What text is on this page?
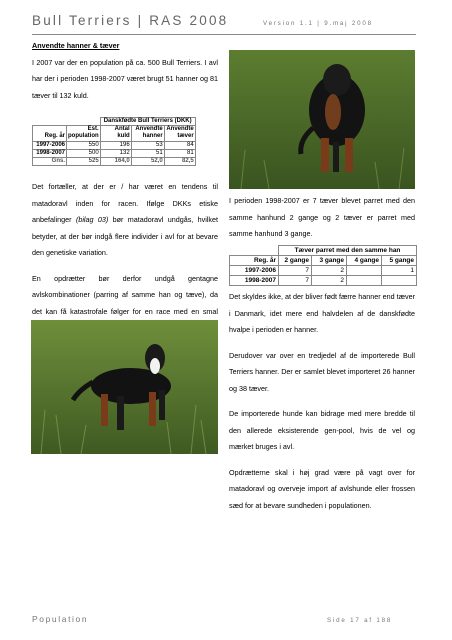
Bull Terriers | RAS 2008	Version 1.1 | 9.maj 2008
Anvendte hanner & tæver

I 2007 var der en population på ca. 500 Bull Terriers. I avl har der i perioden 1998-2007 været brugt 51 hanner og 81 tæver til 132 kuld.

		Danskfødte Bull Terriers (DKK)		
Reg. år	Est. population	Antal kuld	Anvendte hanner	Anvendte tæver
1997-2006	550	196	53	84
1998-2007	500	132	51	81
Gns.	525	164,0	52,0	82,5

Det fortæller, at der er / har været en tendens til matadoravl inden for racen. Ifølge DKKs etiske anbefalinger (bilag 03) bør matadoravl undgås, hvilket betyder, at der bør indgå flere individer i avl for at bevare den genetiske variation.

En opdrætter bør derfor undgå gentagne avlskombinationer (parring af samme han og tæve), da det kan få katastrofale følger for en race med en smal

I perioden 1998-2007 er 7 tæver blevet parret med den samme hanhund 2 gange og 2 tæver er parret med samme hanhund 3 gange.

	Tæver parret med den samme han			
Reg. år	2 gange	3 gange	4 gange	5 gange
1997-2006	7	2		1
1998-2007	7	2		

Det skyldes ikke, at der bliver født færre hanner end tæver i Danmark, idet mere end halvdelen af de danskfødte hvalpe i perioden er hanner.

Derudover var over en tredjedel af de importerede Bull Terriers hanner. Der er samlet blevet importeret 26 hanner og 38 tæver.

De importerede hunde kan bidrage med mere bredde til den allerede eksisterende gen-pool, hvis de vel og mærket bruges i avl.

Opdrætterne skal i høj grad være på vagt over for matadoravl og overveje import af avlshunde eller frossen sæd for at bevare sundheden i populationen.

Population	Side 17 af 188
